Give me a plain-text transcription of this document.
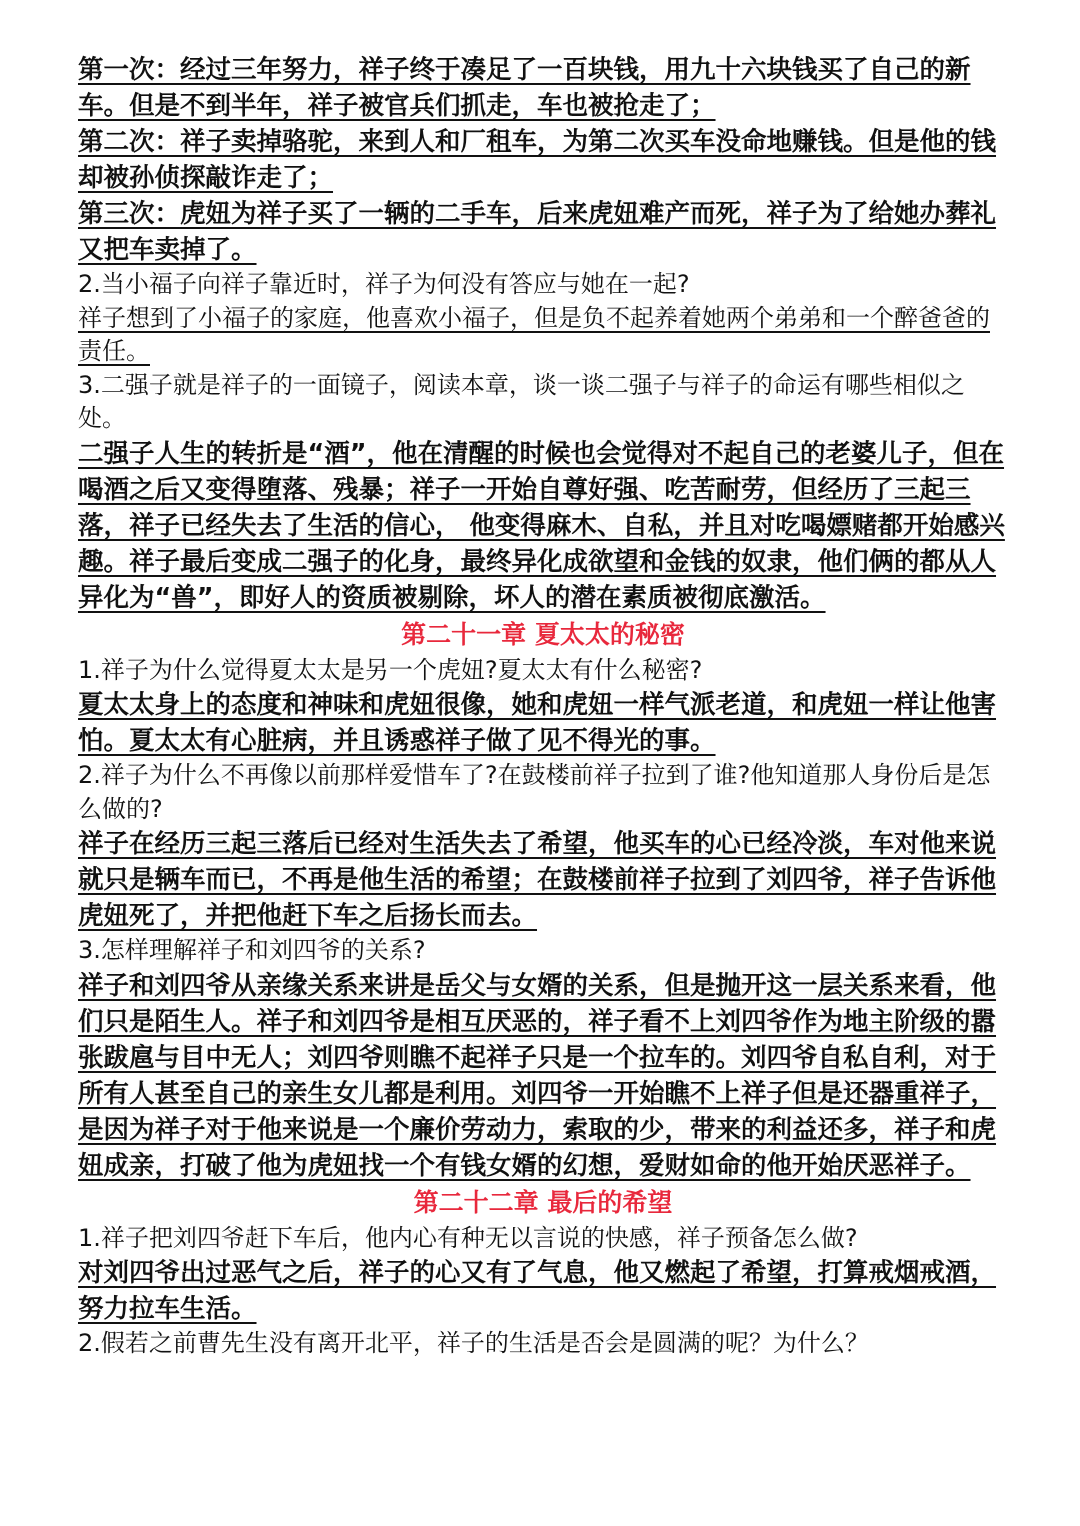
第一次：经过三年努力，祥子终于凑足了一百块钱，用九十六块钱买了自己的新车。但是不到半年，祥子被官兵们抓走，车也被抢走了；

第二次：祥子卖掉骆驼，来到人和厂租车，为第二次买车没命地赚钱。但是他的钱却被孙侦探敲诈走了；

第三次：虎妞为祥子买了一辆的二手车，后来虎妞难产而死，祥子为了给她办葬礼又把车卖掉了。

2.当小福子向祥子靠近时，祥子为何没有答应与她在一起?

祥子想到了小福子的家庭，他喜欢小福子，但是负不起养着她两个弟弟和一个醉爸爸的责任。

3.二强子就是祥子的一面镜子，阅读本章，谈一谈二强子与祥子的命运有哪些相似之处。

二强子人生的转折是“酒”，他在清醒的时候也会觉得对不起自己的老婆儿子，但在喝酒之后又变得堕落、残暴；祥子一开始自尊好强、吃苦耐劳，但经历了三起三落，祥子已经失去了生活的信心， 他变得麻木、自私，并且对吃喝嫖赌都开始感兴趣。祥子最后变成二强子的化身，最终异化成欲望和金钱的奴隶，他们俩的都从人异化为“兽”，即好人的资质被剔除，坏人的潜在素质被彻底激活。

第二十一章 夏太太的秘密

1.祥子为什么觉得夏太太是另一个虎妞?夏太太有什么秘密?

夏太太身上的态度和神味和虎妞很像，她和虎妞一样气派老道，和虎妞一样让他害怕。夏太太有心脏病，并且诱惑祥子做了见不得光的事。

2.祥子为什么不再像以前那样爱惜车了?在鼓楼前祥子拉到了谁?他知道那人身份后是怎么做的?

祥子在经历三起三落后已经对生活失去了希望，他买车的心已经冷淡，车对他来说就只是辆车而已，不再是他生活的希望；在鼓楼前祥子拉到了刘四爷，祥子告诉他虎妞死了，并把他赶下车之后扬长而去。

3.怎样理解祥子和刘四爷的关系?

祥子和刘四爷从亲缘关系来讲是岳父与女婿的关系，但是抛开这一层关系来看，他们只是陌生人。祥子和刘四爷是相互厌恶的，祥子看不上刘四爷作为地主阶级的嚣张跋扈与目中无人；刘四爷则瞧不起祥子只是一个拉车的。刘四爷自私自利，对于所有人甚至自己的亲生女儿都是利用。刘四爷一开始瞧不上祥子但是还器重祥子，是因为祥子对于他来说是一个廉价劳动力，索取的少，带来的利益还多，祥子和虎妞成亲，打破了他为虎妞找一个有钱女婿的幻想，爱财如命的他开始厌恶祥子。

第二十二章 最后的希望

1.祥子把刘四爷赶下车后，他内心有种无以言说的快感，祥子预备怎么做?

对刘四爷出过恶气之后，祥子的心又有了气息，他又燃起了希望，打算戒烟戒酒，努力拉车生活。

2.假若之前曹先生没有离开北平，祥子的生活是否会是圆满的呢？为什么？
